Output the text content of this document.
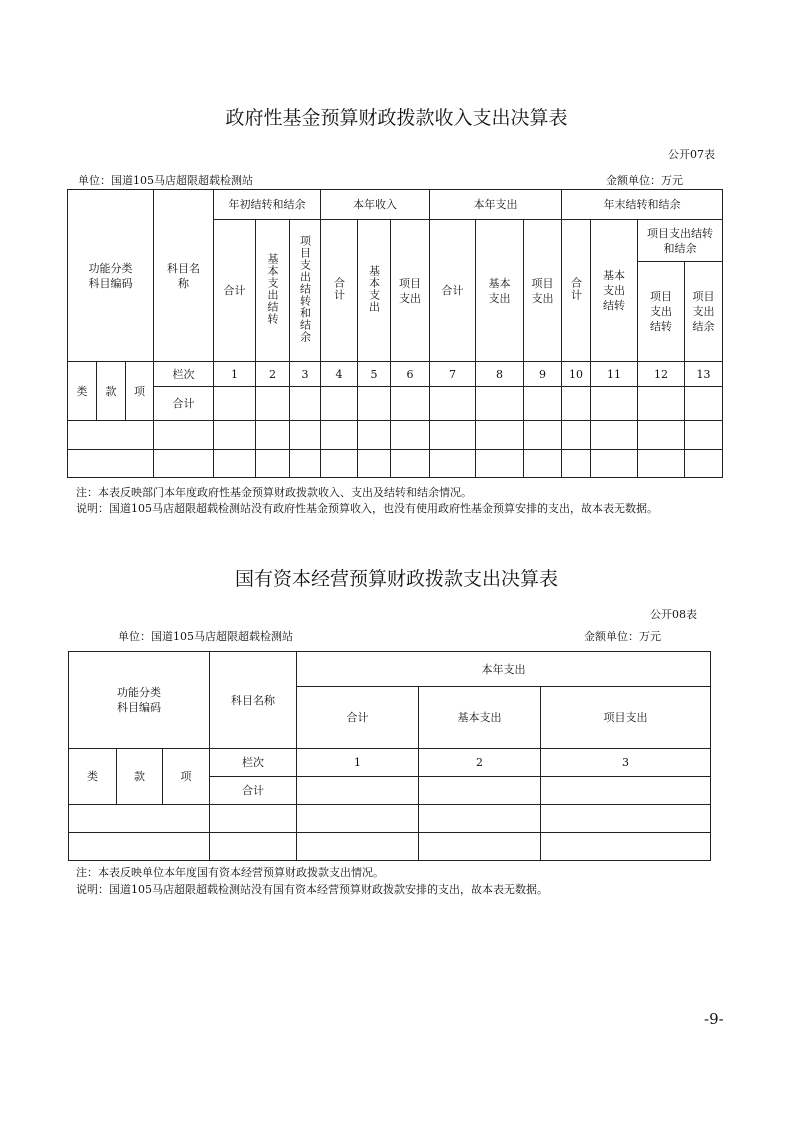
政府性基金预算财政拨款收入支出决算表
公开07表
单位：国道105马店超限超载检测站	金额单位：万元
功能分类
科目编码			科目名称	年初结转和结余			本年收入			本年支出			年末结转和结余			
				合计	基本支出结转	项目支出结转和结余	合计	基本支出	项目支出	合计	基本支出	项目支出	合计	基本支出结转	项目支出结转和结余	
															项目支出结转	项目支出结余
类	款	项	栏次	1	2	3	4	5	6	7	8	9	10	11	12	13
			合计													

注：本表反映部门本年度政府性基金预算财政拨款收入、支出及结转和结余情况。
说明：国道105马店超限超载检测站没有政府性基金预算收入，也没有使用政府性基金预算安排的支出，故本表无数据。
国有资本经营预算财政拨款支出决算表
公开08表
单位：国道105马店超限超载检测站	金额单位：万元
功能分类
科目编码			科目名称	本年支出		
				合计	基本支出	项目支出
类	款	项	栏次	1	2	3
			合计			

注：本表反映单位本年度国有资本经营预算财政拨款支出情况。
说明：国道105马店超限超载检测站没有国有资本经营预算财政拨款安排的支出，故本表无数据。
-9-
